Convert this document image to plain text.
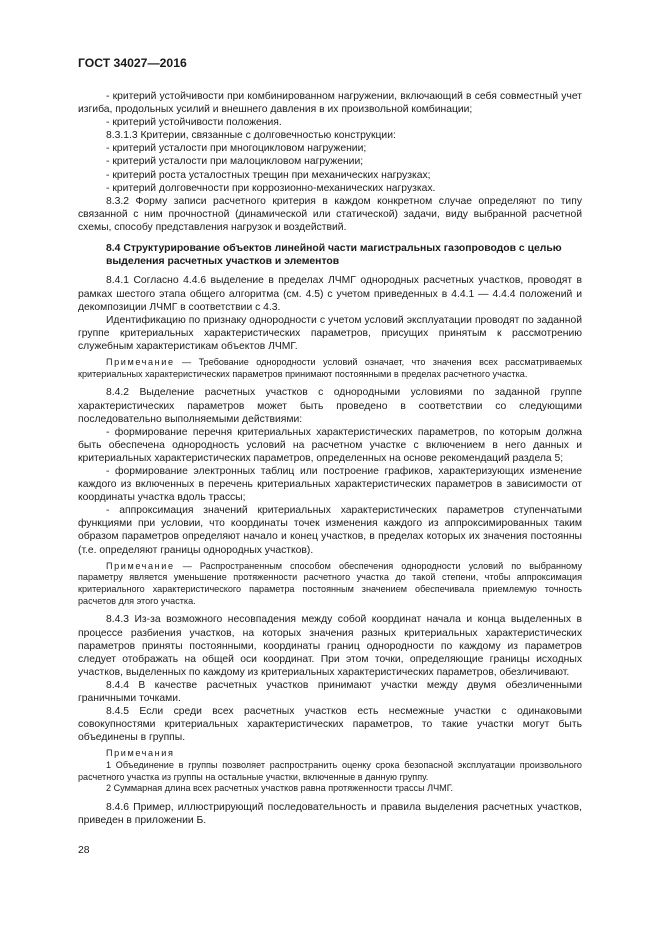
ГОСТ 34027—2016

- критерий устойчивости при комбинированном нагружении, включающий в себя совместный учет изгиба, продольных усилий и внешнего давления в их произвольной комбинации;

- критерий устойчивости положения.

8.3.1.3 Критерии, связанные с долговечностью конструкции:

- критерий усталости при многоцикловом нагружении;

- критерий усталости при малоцикловом нагружении;

- критерий роста усталостных трещин при механических нагрузках;

- критерий долговечности при коррозионно-механических нагрузках.

8.3.2 Форму записи расчетного критерия в каждом конкретном случае определяют по типу связанной с ним прочностной (динамической или статической) задачи, виду выбранной расчетной схемы, способу представления нагрузок и воздействий.

8.4 Структурирование объектов линейной части магистральных газопроводов с целью выделения расчетных участков и элементов

8.4.1 Согласно 4.4.6 выделение в пределах ЛЧМГ однородных расчетных участков, проводят в рамках шестого этапа общего алгоритма (см. 4.5) с учетом приведенных в 4.4.1 — 4.4.4 положений и декомпозиции ЛЧМГ в соответствии с 4.3.

Идентификацию по признаку однородности с учетом условий эксплуатации проводят по заданной группе критериальных характеристических параметров, присущих принятым к рассмотрению служебным характеристикам объектов ЛЧМГ.

Примечание — Требование однородности условий означает, что значения всех рассматриваемых критериальных характеристических параметров принимают постоянными в пределах расчетного участка.

8.4.2 Выделение расчетных участков с однородными условиями по заданной группе характеристических параметров может быть проведено в соответствии со следующими последовательно выполняемыми действиями:

- формирование перечня критериальных характеристических параметров, по которым должна быть обеспечена однородность условий на расчетном участке с включением в него данных и критериальных характеристических параметров, определенных на основе рекомендаций раздела 5;

- формирование электронных таблиц или построение графиков, характеризующих изменение каждого из включенных в перечень критериальных характеристических параметров в зависимости от координаты участка вдоль трассы;

- аппроксимация значений критериальных характеристических параметров ступенчатыми функциями при условии, что координаты точек изменения каждого из аппроксимированных таким образом параметров определяют начало и конец участков, в пределах которых их значения постоянны (т.е. определяют границы однородных участков).

Примечание — Распространенным способом обеспечения однородности условий по выбранному параметру является уменьшение протяженности расчетного участка до такой степени, чтобы аппроксимация критериального характеристического параметра постоянным значением обеспечивала приемлемую точность расчетов для этого участка.

8.4.3 Из-за возможного несовпадения между собой координат начала и конца выделенных в процессе разбиения участков, на которых значения разных критериальных характеристических параметров приняты постоянными, координаты границ однородности по каждому из параметров следует отображать на общей оси координат. При этом точки, определяющие границы исходных участков, выделенных по каждому из критериальных характеристических параметров, обезличивают.

8.4.4 В качестве расчетных участков принимают участки между двумя обезличенными граничными точками.

8.4.5 Если среди всех расчетных участков есть несмежные участки с одинаковыми совокупностями критериальных характеристических параметров, то такие участки могут быть объединены в группы.

Примечания

1 Объединение в группы позволяет распространить оценку срока безопасной эксплуатации произвольного расчетного участка из группы на остальные участки, включенные в данную группу.

2 Суммарная длина всех расчетных участков равна протяженности трассы ЛЧМГ.

8.4.6 Пример, иллюстрирующий последовательность и правила выделения расчетных участков, приведен в приложении Б.

28
